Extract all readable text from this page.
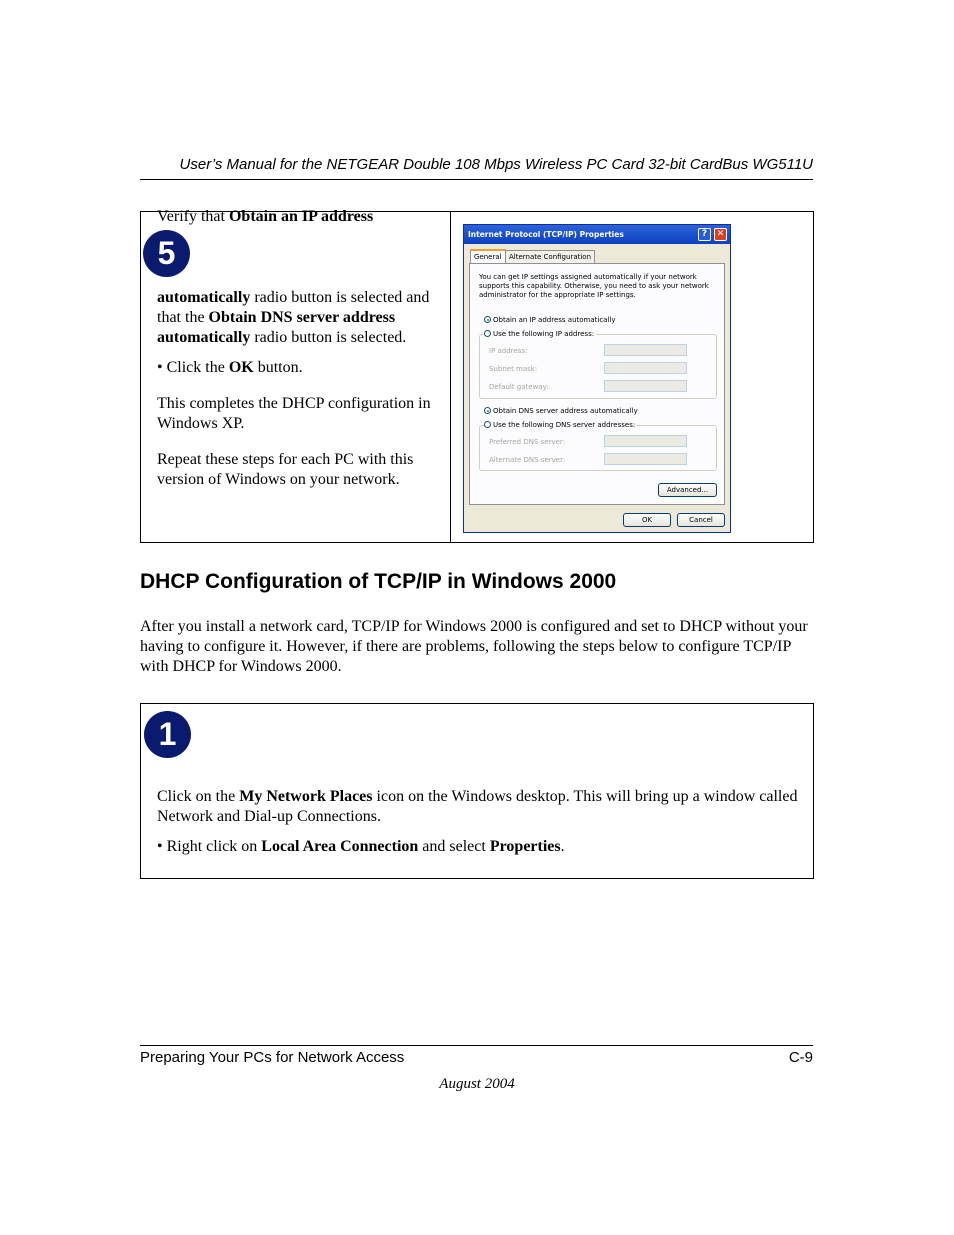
User’s Manual for the NETGEAR Double 108 Mbps Wireless PC Card 32-bit CardBus WG511U
5

Verify that Obtain an IP address

automatically radio button is selected and that the Obtain DNS server address automatically radio button is selected.

• Click the OK button.

This completes the DHCP configuration in Windows XP.

Repeat these steps for each PC with this version of Windows on your network.

Internet Protocol (TCP/IP) Properties	?	✕
General	Alternate Configuration
You can get IP settings assigned automatically if your network supports this capability. Otherwise, you need to ask your network administrator for the appropriate IP settings.
Obtain an IP address automatically
IP address:
Subnet mask:
Default gateway:
Use the following IP address:
Obtain DNS server address automatically
Preferred DNS server:
Alternate DNS server:
Use the following DNS server addresses:
Advanced...
OK	Cancel
DHCP Configuration of TCP/IP in Windows 2000

After you install a network card, TCP/IP for Windows 2000 is configured and set to DHCP without your having to configure it. However, if there are problems, following the steps below to configure TCP/IP with DHCP for Windows 2000.

1

Click on the My Network Places icon on the Windows desktop. This will bring up a window called Network and Dial-up Connections.

• Right click on Local Area Connection and select Properties.

Preparing Your PCs for Network Access	C-9
August 2004
